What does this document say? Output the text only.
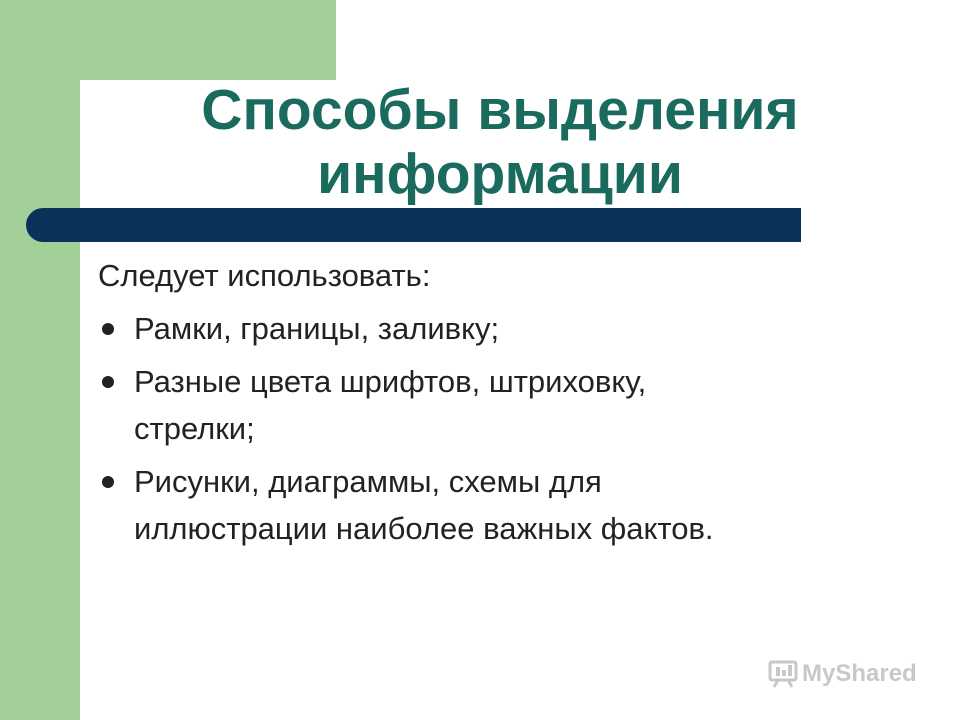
Способы выделения
информации

Следует использовать:

Рамки, границы, заливку;
Разные цвета шрифтов, штриховку,
стрелки;
Рисунки, диаграммы, схемы для
иллюстрации наиболее важных фактов.
MyShared
